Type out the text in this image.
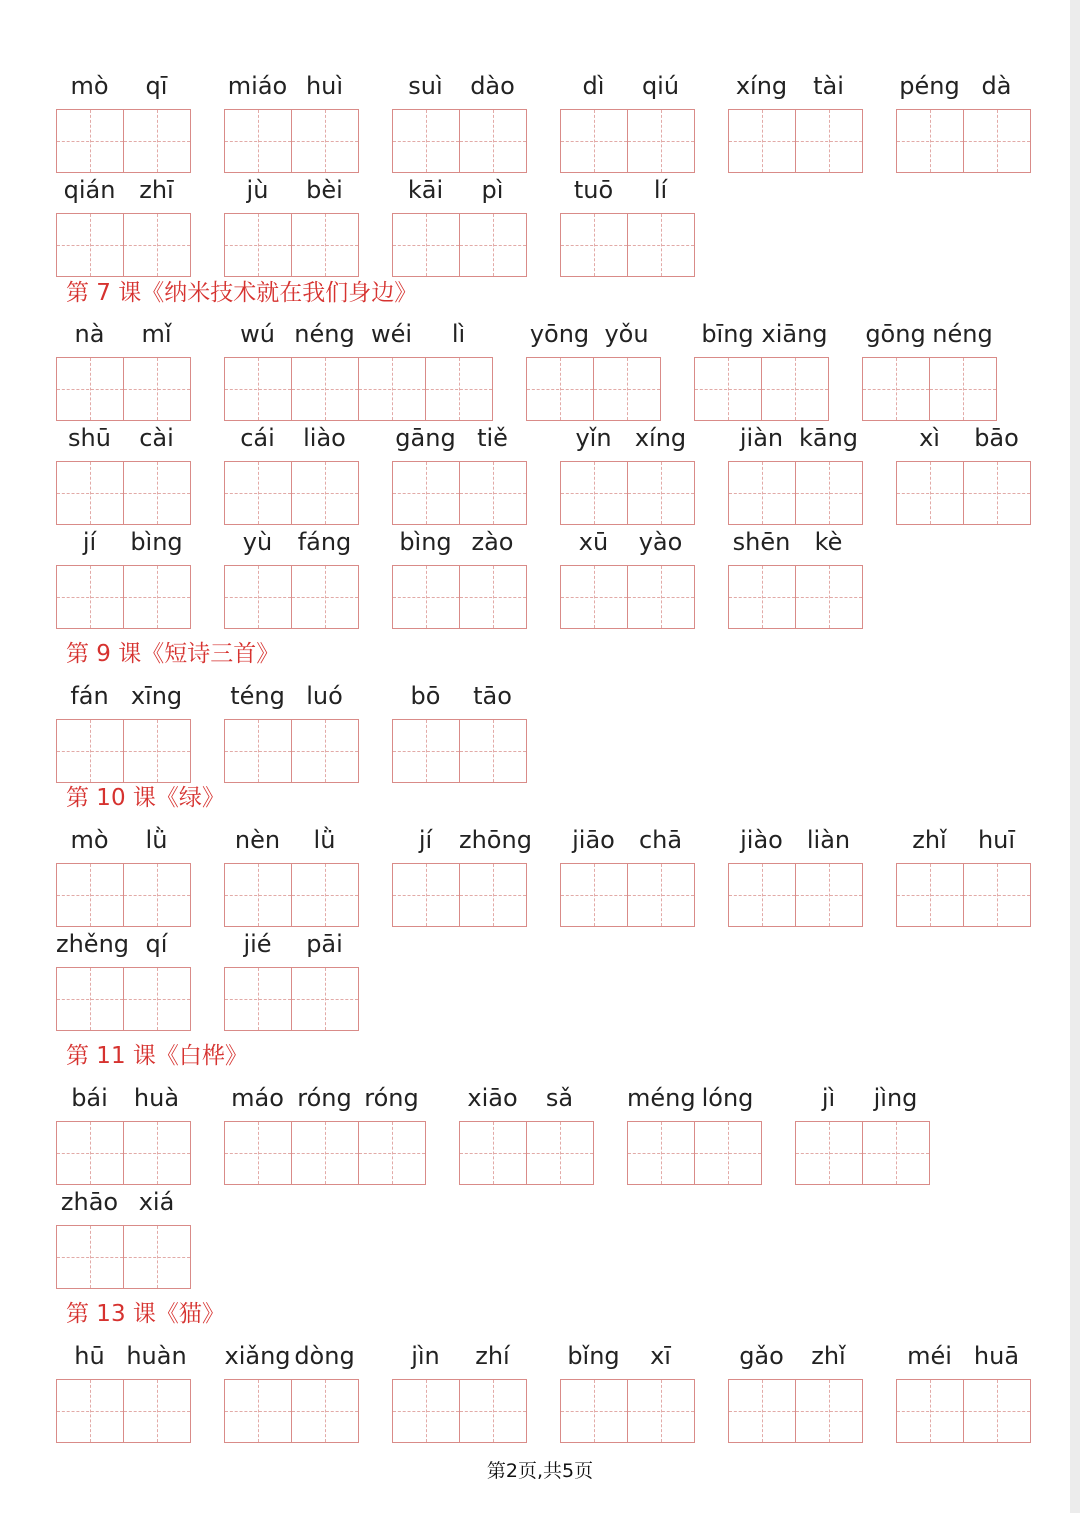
第 7 课《纳米技术就在我们身边》
第 9 课《短诗三首》
第 10 课《绿》
第 11 课《白桦》
第 13 课《猫》
mò	qī	miáo huì	suì	dào	dì	qiú	xíng	tài	péng dà
qián zhī	jù	bèi	kāi	pì	tuō	lí
nà	mǐ	wú néng wéi	lì	yōng yǒu	bīng xiāng gōng néng
shū	cài	cái	liào	gāng tiě	yǐn xíng	jiàn kāng	xì	bāo
jí	bìng	yù	fáng	bìng zào	xū	yào	shēn	kè
fán xīng	téng luó	bō	tāo
mò	lǜ	nèn	lǜ	jí	zhōng	jiāo	chā	jiào	liàn	zhǐ	huī
zhěng qí	jié	pāi
bái	huà	máo róng róng	xiāo	sǎ	méng lóng	jì	jìng
zhāo xiá
hū huàn xiǎng dòng	jìn	zhí	bǐng	xī	gǎo	zhǐ	méi huā
第2页,共5页
